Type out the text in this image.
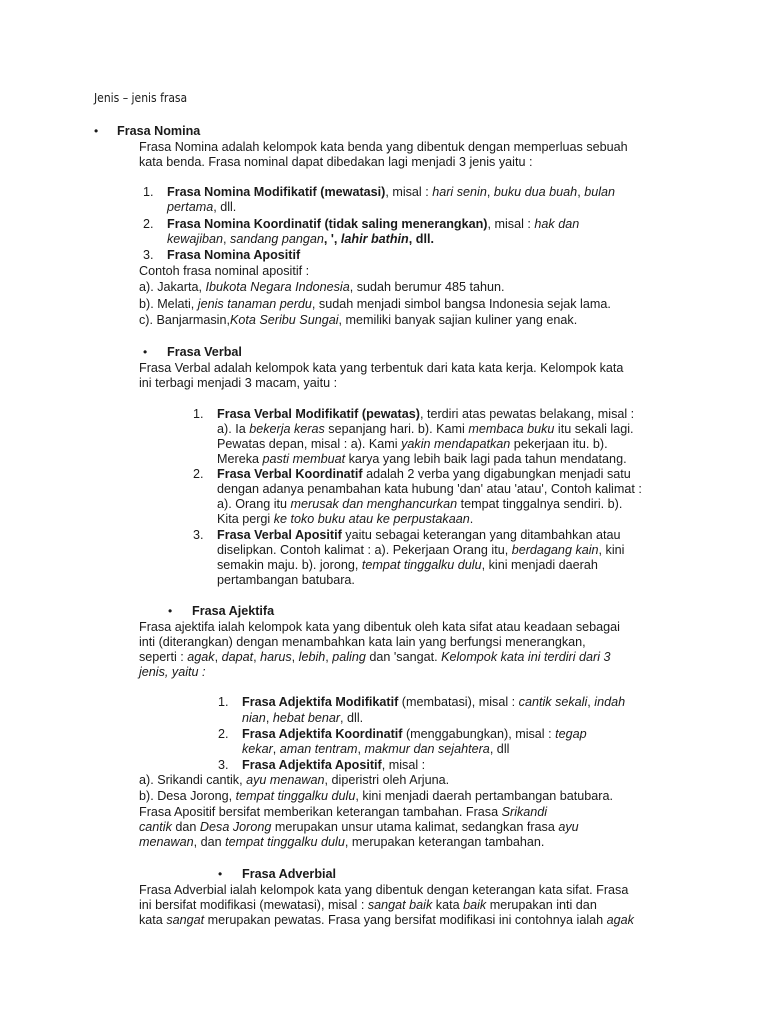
Jenis – jenis frasa
• Frasa Nomina
Frasa Nomina adalah kelompok kata benda yang dibentuk dengan memperluas sebuah
kata benda. Frasa nominal dapat dibedakan lagi menjadi 3 jenis yaitu :
1. Frasa Nomina Modifikatif (mewatasi), misal : hari senin, buku dua buah, bulan
pertama, dll.
2. Frasa Nomina Koordinatif (tidak saling menerangkan), misal : hak dan
kewajiban, sandang pangan, ', lahir bathin, dll.
3. Frasa Nomina Apositif
Contoh frasa nominal apositif :
a). Jakarta, Ibukota Negara Indonesia, sudah berumur 485 tahun.
b). Melati, jenis tanaman perdu, sudah menjadi simbol bangsa Indonesia sejak lama.
c). Banjarmasin,Kota Seribu Sungai, memiliki banyak sajian kuliner yang enak.
• Frasa Verbal
Frasa Verbal adalah kelompok kata yang terbentuk dari kata kata kerja. Kelompok kata
ini terbagi menjadi 3 macam, yaitu :
1. Frasa Verbal Modifikatif (pewatas), terdiri atas pewatas belakang, misal :
a). Ia bekerja keras sepanjang hari. b). Kami membaca buku itu sekali lagi.
Pewatas depan, misal : a). Kami yakin mendapatkan pekerjaan itu. b).
Mereka pasti membuat karya yang lebih baik lagi pada tahun mendatang.
2. Frasa Verbal Koordinatif adalah 2 verba yang digabungkan menjadi satu
dengan adanya penambahan kata hubung 'dan' atau 'atau', Contoh kalimat :
a). Orang itu merusak dan menghancurkan tempat tinggalnya sendiri. b).
Kita pergi ke toko buku atau ke perpustakaan.
3. Frasa Verbal Apositif yaitu sebagai keterangan yang ditambahkan atau
diselipkan. Contoh kalimat : a). Pekerjaan Orang itu, berdagang kain, kini
semakin maju. b). jorong, tempat tinggalku dulu, kini menjadi daerah
pertambangan batubara.
• Frasa Ajektifa
Frasa ajektifa ialah kelompok kata yang dibentuk oleh kata sifat atau keadaan sebagai
inti (diterangkan) dengan menambahkan kata lain yang berfungsi menerangkan,
seperti : agak, dapat, harus, lebih, paling dan 'sangat. Kelompok kata ini terdiri dari 3
jenis, yaitu :
1. Frasa Adjektifa Modifikatif (membatasi), misal : cantik sekali, indah
nian, hebat benar, dll.
2. Frasa Adjektifa Koordinatif (menggabungkan), misal : tegap
kekar, aman tentram, makmur dan sejahtera, dll
3. Frasa Adjektifa Apositif, misal :
a). Srikandi cantik, ayu menawan, diperistri oleh Arjuna.
b). Desa Jorong, tempat tinggalku dulu, kini menjadi daerah pertambangan batubara.
Frasa Apositif bersifat memberikan keterangan tambahan. Frasa Srikandi
cantik dan Desa Jorong merupakan unsur utama kalimat, sedangkan frasa ayu
menawan, dan tempat tinggalku dulu, merupakan keterangan tambahan.
• Frasa Adverbial
Frasa Adverbial ialah kelompok kata yang dibentuk dengan keterangan kata sifat. Frasa
ini bersifat modifikasi (mewatasi), misal : sangat baik kata baik merupakan inti dan
kata sangat merupakan pewatas. Frasa yang bersifat modifikasi ini contohnya ialah agak
